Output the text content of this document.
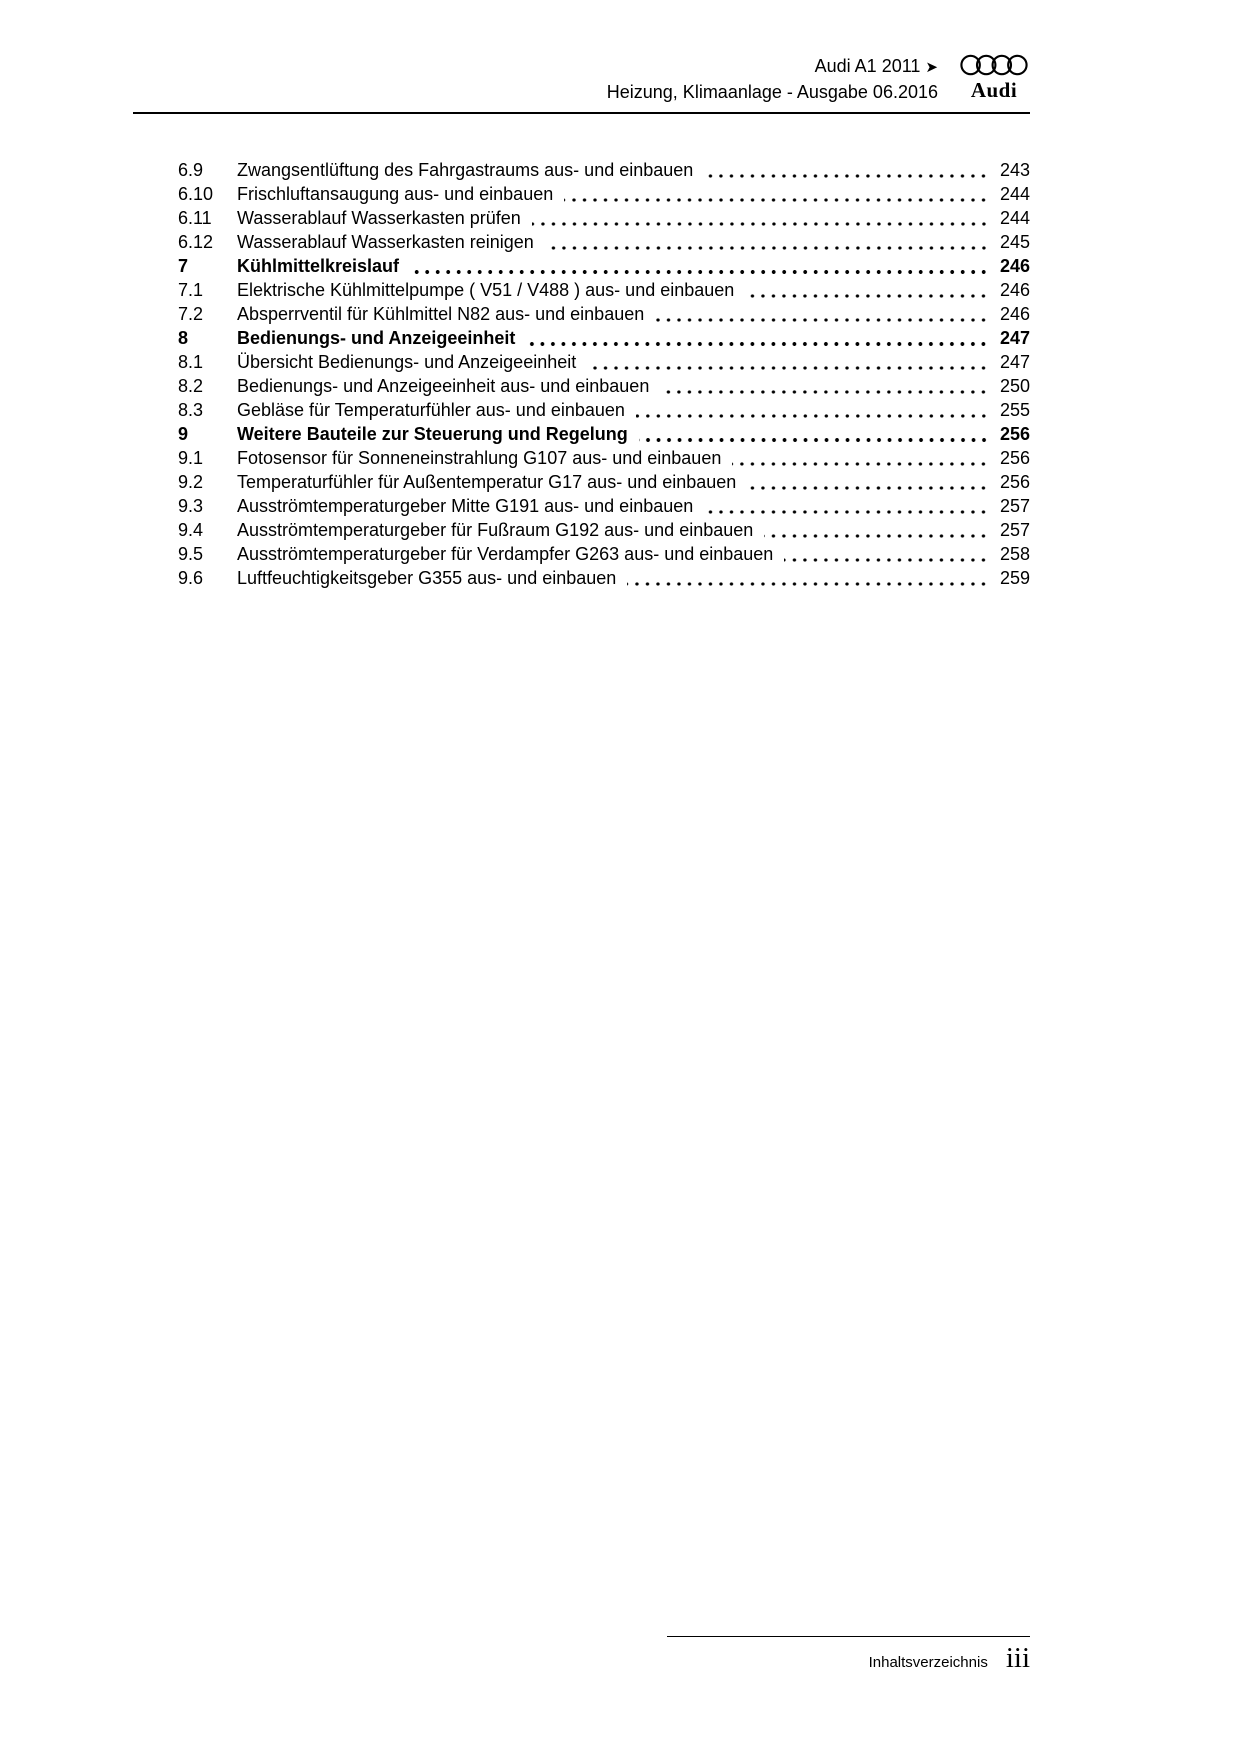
Audi A1 2011 ➤
Heizung, Klimaanlage - Ausgabe 06.2016 Audi
6.9	Zwangsentlüftung des Fahrgastraums aus- und einbauen	243
6.10	Frischluftansaugung aus- und einbauen	244
6.11	Wasserablauf Wasserkasten prüfen	244
6.12	Wasserablauf Wasserkasten reinigen	245
7	Kühlmittelkreislauf	246
7.1	Elektrische Kühlmittelpumpe ( V51 / V488 ) aus- und einbauen	246
7.2	Absperrventil für Kühlmittel N82 aus- und einbauen	246
8	Bedienungs- und Anzeigeeinheit	247
8.1	Übersicht Bedienungs- und Anzeigeeinheit	247
8.2	Bedienungs- und Anzeigeeinheit aus- und einbauen	250
8.3	Gebläse für Temperaturfühler aus- und einbauen	255
9	Weitere Bauteile zur Steuerung und Regelung	256
9.1	Fotosensor für Sonneneinstrahlung G107 aus- und einbauen	256
9.2	Temperaturfühler für Außentemperatur G17 aus- und einbauen	256
9.3	Ausströmtemperaturgeber Mitte G191 aus- und einbauen	257
9.4	Ausströmtemperaturgeber für Fußraum G192 aus- und einbauen	257
9.5	Ausströmtemperaturgeber für Verdampfer G263 aus- und einbauen	258
9.6	Luftfeuchtigkeitsgeber G355 aus- und einbauen	259
Inhaltsverzeichnis iii
